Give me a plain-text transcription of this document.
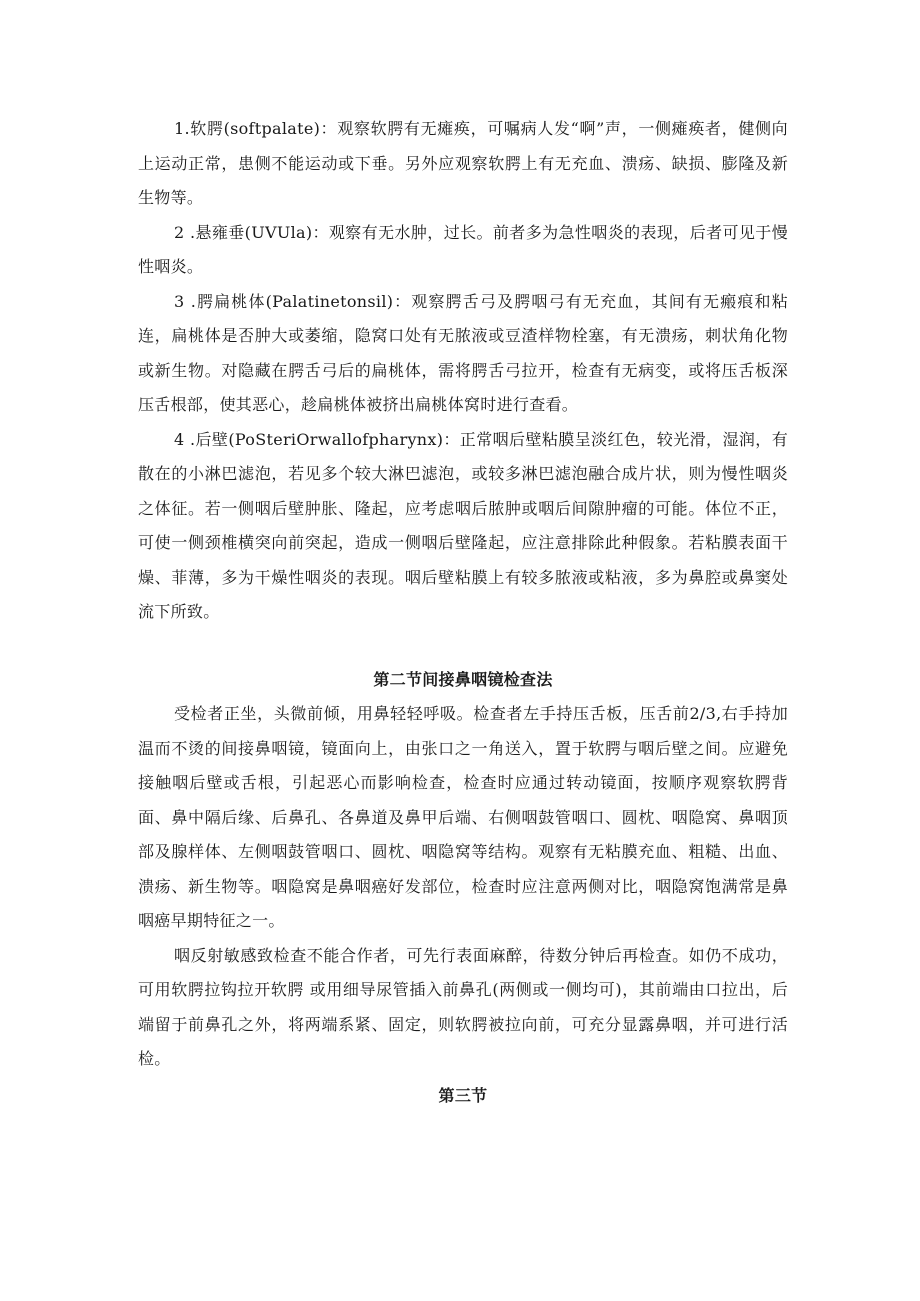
1.软腭(softpalate)：观察软腭有无瘫痪，可嘱病人发“啊”声，一侧瘫痪者，健侧向上运动正常，患侧不能运动或下垂。另外应观察软腭上有无充血、溃疡、缺损、膨隆及新生物等。

2 .悬雍垂(UVUla)：观察有无水肿，过长。前者多为急性咽炎的表现，后者可见于慢性咽炎。

3 .腭扁桃体(Palatinetonsil)：观察腭舌弓及腭咽弓有无充血，其间有无瘢痕和粘连，扁桃体是否肿大或萎缩，隐窝口处有无脓液或豆渣样物栓塞，有无溃疡，刺状角化物或新生物。对隐藏在腭舌弓后的扁桃体，需将腭舌弓拉开，检查有无病变，或将压舌板深压舌根部，使其恶心，趁扁桃体被挤出扁桃体窝时进行查看。

4 .后壁(PoSteriOrwallofpharynx)：正常咽后壁粘膜呈淡红色，较光滑，湿润，有散在的小淋巴滤泡，若见多个较大淋巴滤泡，或较多淋巴滤泡融合成片状，则为慢性咽炎之体征。若一侧咽后壁肿胀、隆起，应考虑咽后脓肿或咽后间隙肿瘤的可能。体位不正，可使一侧颈椎横突向前突起，造成一侧咽后壁隆起，应注意排除此种假象。若粘膜表面干燥、菲薄，多为干燥性咽炎的表现。咽后壁粘膜上有较多脓液或粘液，多为鼻腔或鼻窦处流下所致。

第二节间接鼻咽镜检查法

受检者正坐，头微前倾，用鼻轻轻呼吸。检查者左手持压舌板，压舌前2/3,右手持加温而不烫的间接鼻咽镜，镜面向上，由张口之一角送入，置于软腭与咽后壁之间。应避免接触咽后壁或舌根，引起恶心而影响检查，检查时应通过转动镜面，按顺序观察软腭背面、鼻中隔后缘、后鼻孔、各鼻道及鼻甲后端、右侧咽鼓管咽口、圆枕、咽隐窝、鼻咽顶部及腺样体、左侧咽鼓管咽口、圆枕、咽隐窝等结构。观察有无粘膜充血、粗糙、出血、溃疡、新生物等。咽隐窝是鼻咽癌好发部位，检查时应注意两侧对比，咽隐窝饱满常是鼻咽癌早期特征之一。

咽反射敏感致检查不能合作者，可先行表面麻醉，待数分钟后再检查。如仍不成功，可用软腭拉钩拉开软腭 或用细导尿管插入前鼻孔(两侧或一侧均可)，其前端由口拉出，后端留于前鼻孔之外，将两端系紧、固定，则软腭被拉向前，可充分显露鼻咽，并可进行活检。

第三节
